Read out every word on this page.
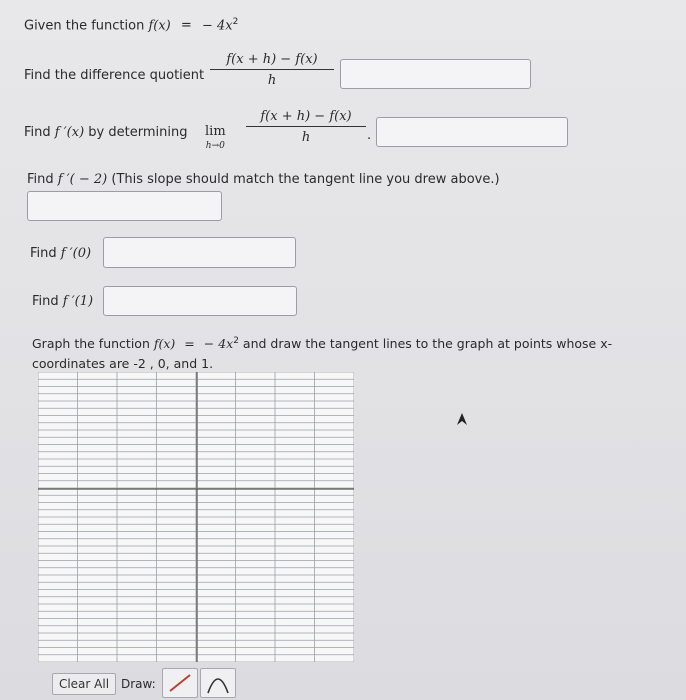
Given the function f(x) = − $4x^2$
Find the difference quotient
f(x + h) − f(x)
h
Find f ′(x) by determining lim
h→0
f(x + h) − f(x)
h	.
Find f ′( − 2) (This slope should match the tangent line you drew above.)
Find f ′(0)
Find f ′(1)
Graph the function f(x) = − $4x^2$ and draw the tangent lines to the graph at points whose x-
coordinates are -2 , 0, and 1.
Clear All Draw:
